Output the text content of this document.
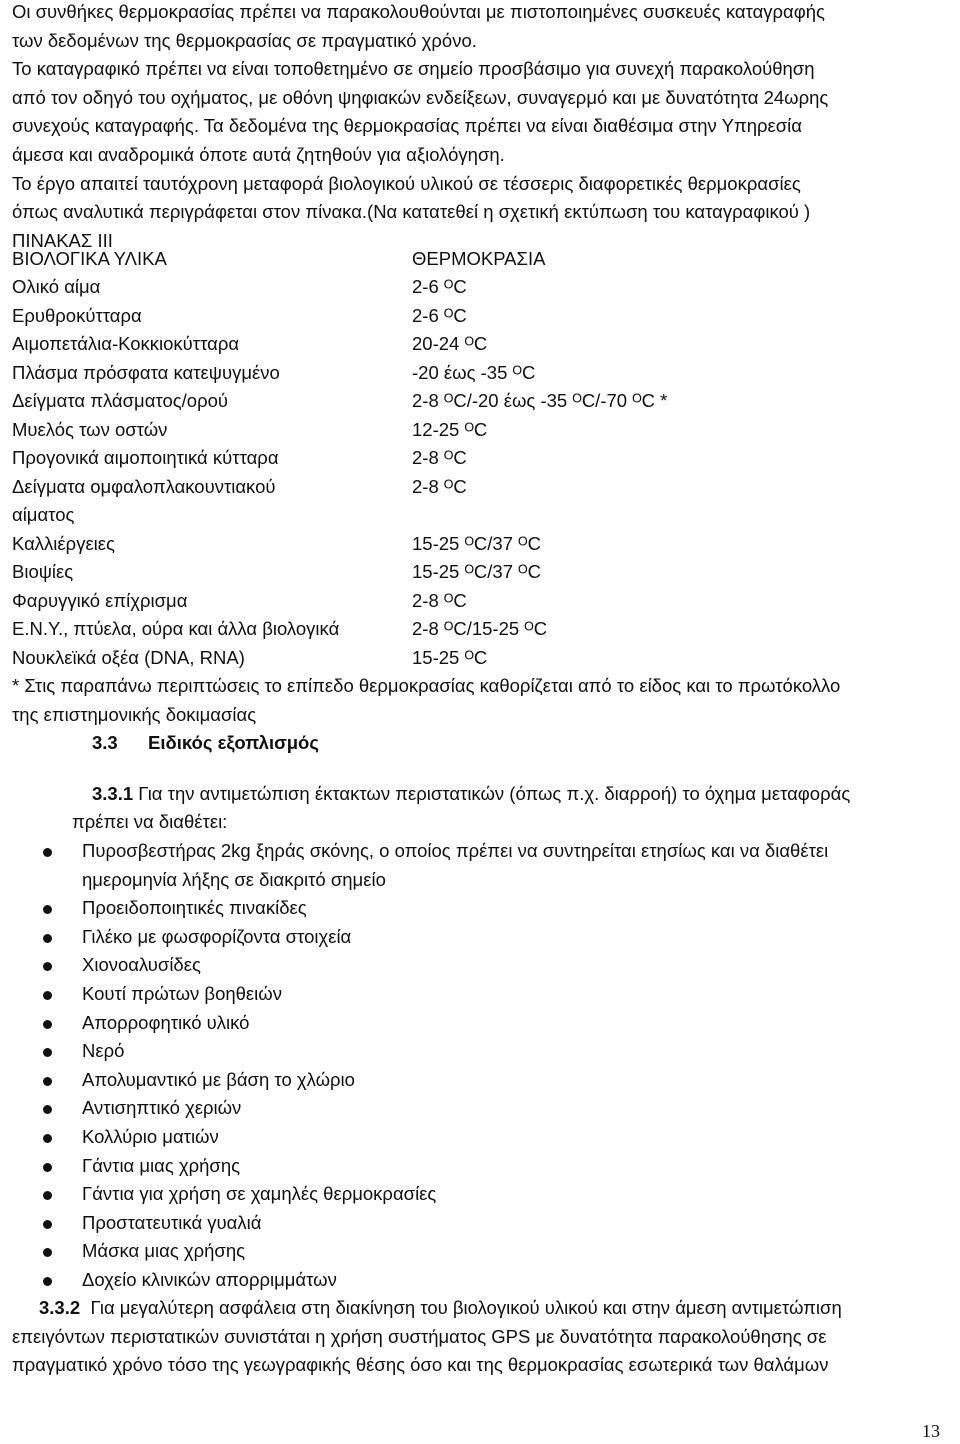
Οι συνθήκες θερμοκρασίας πρέπει να παρακολουθούνται με πιστοποιημένες συσκευές καταγραφής
των δεδομένων της θερμοκρασίας σε πραγματικό χρόνο.
Το καταγραφικό πρέπει να είναι τοποθετημένο σε σημείο προσβάσιμο για συνεχή παρακολούθηση
από τον οδηγό του οχήματος, με οθόνη ψηφιακών ενδείξεων, συναγερμό και με δυνατότητα 24ωρης
συνεχούς καταγραφής. Τα δεδομένα της θερμοκρασίας πρέπει να είναι διαθέσιμα στην Υπηρεσία
άμεσα και αναδρομικά όποτε αυτά ζητηθούν για αξιολόγηση.
Το έργο απαιτεί ταυτόχρονη μεταφορά βιολογικού υλικού σε τέσσερις διαφορετικές θερμοκρασίες
όπως αναλυτικά περιγράφεται στον πίνακα.(Να κατατεθεί η σχετική εκτύπωση του καταγραφικού )
ΠΙΝΑΚΑΣ ΙΙΙ
ΒΙΟΛΟΓΙΚΑ ΥΛΙΚΑ	ΘΕΡΜΟΚΡΑΣΙΑ
Ολικό αίμα	2-6 ᴼC
Ερυθροκύτταρα	2-6 ᴼC
Αιμοπετάλια-Κοκκιοκύτταρα	20-24 ᴼC
Πλάσμα πρόσφατα κατεψυγμένο	-20 έως -35 ᴼC
Δείγματα πλάσματος/ορού	2-8 ᴼC/-20 έως -35 ᴼC/-70 ᴼC *
Μυελός των οστών	12-25 ᴼC
Προγονικά αιμοποιητικά κύτταρα	2-8 ᴼC
Δείγματα ομφαλοπλακουντιακού	2-8 ᴼC
αίματος
Καλλιέργειες	15-25 ᴼC/37 ᴼC
Βιοψίες	15-25 ᴼC/37 ᴼC
Φαρυγγικό επίχρισμα	2-8 ᴼC
Ε.Ν.Υ., πτύελα, ούρα και άλλα βιολογικά	2-8 ᴼC/15-25 ᴼC
Νουκλεϊκά οξέα (DNA, RNA)	15-25 ᴼC
* Στις παραπάνω περιπτώσεις το επίπεδο θερμοκρασίας καθορίζεται από το είδος και το πρωτόκολλο
της επιστημονικής δοκιμασίας
3.3 Ειδικός εξοπλισμός
3.3.1 Για την αντιμετώπιση έκτακτων περιστατικών (όπως π.χ. διαρροή) το όχημα μεταφοράς
πρέπει να διαθέτει:
Πυροσβεστήρας 2kg ξηράς σκόνης, ο οποίος πρέπει να συντηρείται ετησίως και να διαθέτει
ημερομηνία λήξης σε διακριτό σημείο
Προειδοποιητικές πινακίδες
Γιλέκο με φωσφορίζοντα στοιχεία
Χιονοαλυσίδες
Κουτί πρώτων βοηθειών
Απορροφητικό υλικό
Νερό
Απολυμαντικό με βάση το χλώριο
Αντισηπτικό χεριών
Κολλύριο ματιών
Γάντια μιας χρήσης
Γάντια για χρήση σε χαμηλές θερμοκρασίες
Προστατευτικά γυαλιά
Μάσκα μιας χρήσης
Δοχείο κλινικών απορριμμάτων
3.3.2 Για μεγαλύτερη ασφάλεια στη διακίνηση του βιολογικού υλικού και στην άμεση αντιμετώπιση
επειγόντων περιστατικών συνιστάται η χρήση συστήματος GPS με δυνατότητα παρακολούθησης σε
πραγματικό χρόνο τόσο της γεωγραφικής θέσης όσο και της θερμοκρασίας εσωτερικά των θαλάμων
13
